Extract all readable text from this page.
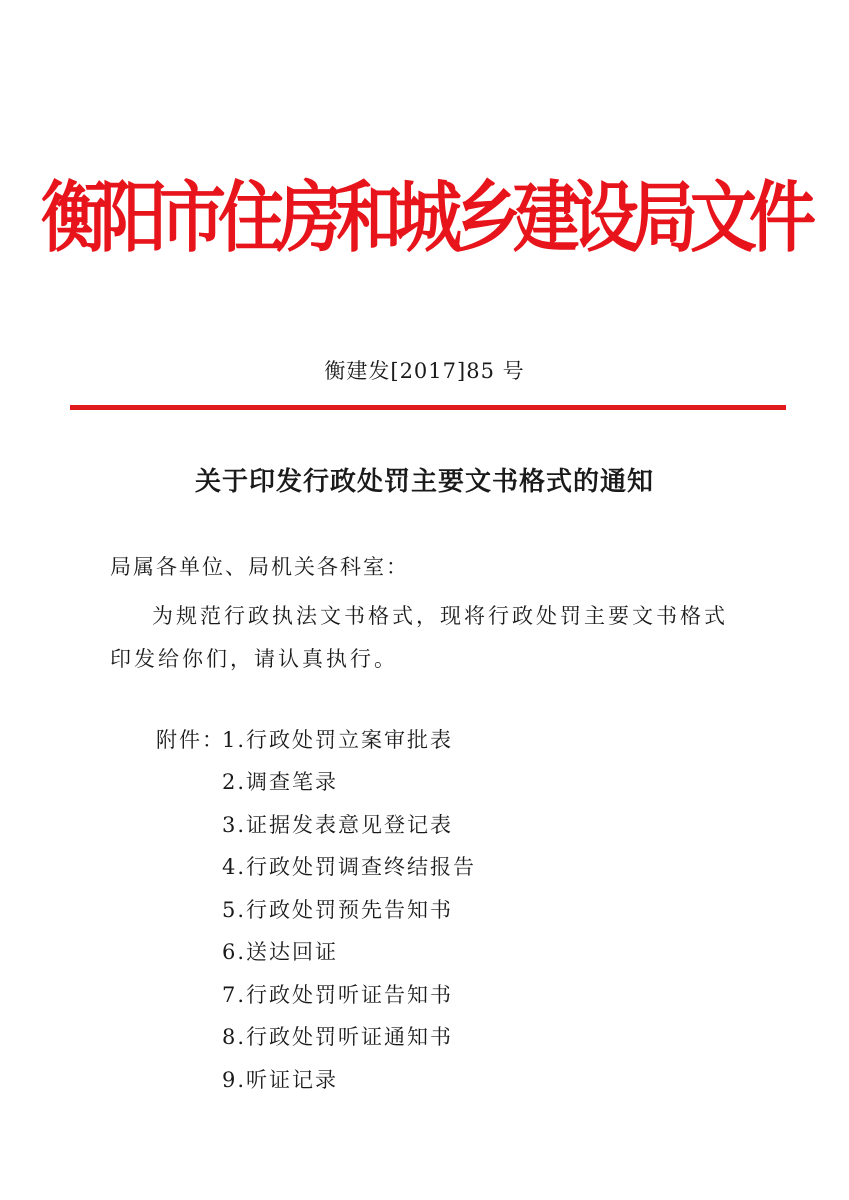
衡阳市住房和城乡建设局文件
衡建发[2017]85 号
关于印发行政处罚主要文书格式的通知
局属各单位、局机关各科室：

为规范行政执法文书格式，现将行政处罚主要文书格式印发给你们，请认真执行。

附件：
1.行政处罚立案审批表
2.调查笔录
3.证据发表意见登记表
4.行政处罚调查终结报告
5.行政处罚预先告知书
6.送达回证
7.行政处罚听证告知书
8.行政处罚听证通知书
9.听证记录
